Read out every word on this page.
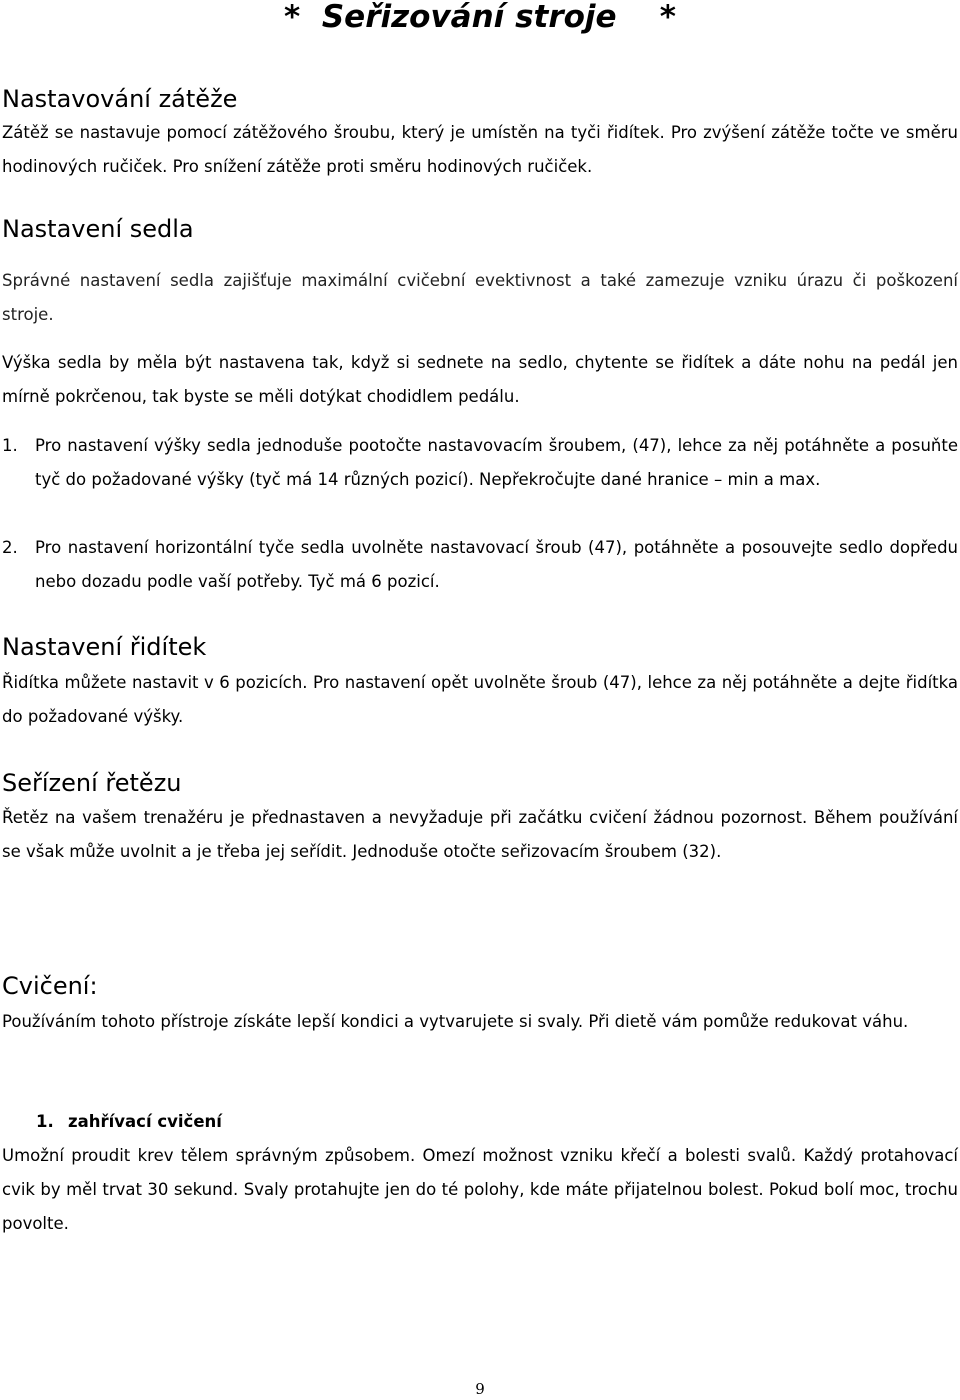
*  Seřizování stroje    *
Nastavování zátěže

Zátěž se nastavuje pomocí zátěžového šroubu, který je umístěn na tyči řidítek. Pro zvýšení zátěže točte ve směru hodinových ručiček. Pro snížení zátěže proti směru hodinových ručiček.

Nastavení sedla

Správné nastavení sedla zajišťuje maximální cvičební evektivnost a také zamezuje vzniku úrazu či poškození stroje.

Výška sedla by měla být nastavena tak, když si sednete na sedlo, chytente se řidítek a dáte nohu na pedál jen mírně pokrčenou, tak byste se měli dotýkat chodidlem pedálu.

1.	Pro nastavení výšky sedla jednoduše pootočte nastavovacím šroubem, (47), lehce za něj potáhněte a posuňte tyč do požadované výšky (tyč má 14 různých pozicí). Nepřekročujte dané hranice – min a max.
2.	Pro nastavení horizontální tyče sedla uvolněte nastavovací šroub (47), potáhněte a posouvejte sedlo dopředu nebo dozadu podle vaší potřeby. Tyč má 6 pozicí.
Nastavení řidítek

Řidítka můžete nastavit v 6 pozicích. Pro nastavení opět uvolněte šroub (47), lehce za něj potáhněte a dejte řidítka do požadované výšky.

Seřízení řetězu

Řetěz na vašem trenažéru je přednastaven a nevyžaduje při začátku cvičení žádnou pozornost. Během používání se však může uvolnit a je třeba jej seřídit. Jednoduše otočte seřizovacím šroubem (32).

Cvičení:

Používáním tohoto přístroje získáte lepší kondici a vytvarujete si svaly. Při dietě vám pomůže redukovat váhu.

1. zahřívací cvičení

Umožní proudit krev tělem správným způsobem. Omezí možnost vzniku křečí a bolesti svalů. Každý protahovací cvik by měl trvat 30 sekund. Svaly protahujte jen do té polohy, kde máte přijatelnou bolest. Pokud bolí moc, trochu povolte.

9
